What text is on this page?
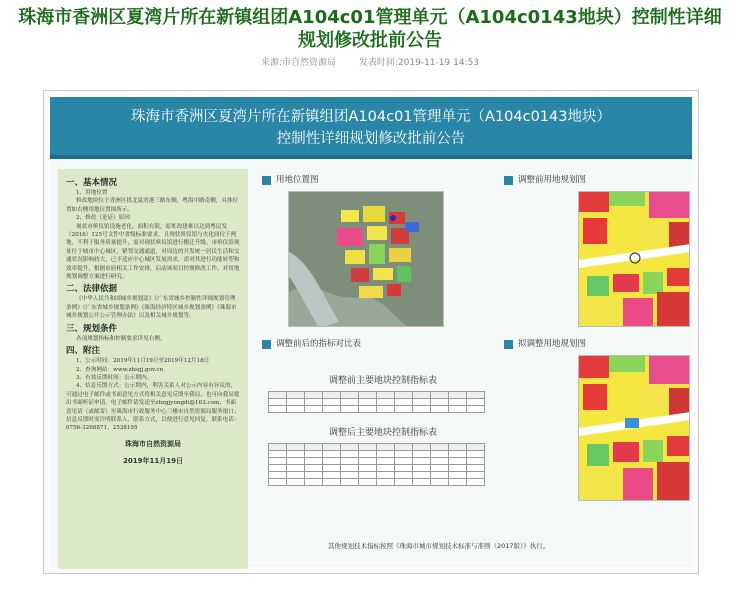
珠海市香洲区夏湾片所在新镇组团A104c01管理单元（A104c0143地块）控制性详细规划修改批前公告
来源:市自然资源局	发表时间:2019-11-19 14:53
珠海市香洲区夏湾片所在新镇组团A104c01管理单元（A104c0143地块）
控制性详细规划修改批前公告
一、基本情况
1、用地位置
修改地块位于香洲区拱北夏湾港三路东侧，粤海中路南侧，具体位置如右侧用地位置图所示。
2、修改（论证）原因
现状市殡仪馆设施老化，面积有限，原址改建难以达到粤民发（2016）125号文件中省级标准要求，且现状殡仪馆与火化间位于两地，不利于服务质量提升，需对现状殡仪馆进行搬迁升级。市殡仪馆现址位于城市中心城区，紧邻交通通道，对周边的开发统一居民生活和交通状况影响较大，已不适应中心城区发展需求，需对其进行功能转型和效率提升，根据市府相关工作安排，启动该项目控规修改工作，对用地规划调整方案进行研究。
二、法律依据
《中华人民共和国城乡规划法》《广东省城乡控制性详细规划管理条例》《广东省城乡规划条例》《珠海经济特区城乡规划条例》《珠海市城乡规划公开公示管理办法》以及相关城乡规划等。
三、规划条件
各项规划指标和控制要求详见右侧。
四、附注
1、公示时间：2019年11月19日至2019年12月18日
2、查询网站：www.zhsgj.gov.cn
3、有效反馈时间：公示期内。
4、信息反馈方式：公示期内，利害关系人对公示内容有异议的，可通过电子邮件或书面意见方式将相关意见反馈至我局，也可向我局提出书面听证申请。电子邮件请发送至zhzgjyongdi@163.com，书面意见请（或邮寄）至珠海市行政服务中心三楼市自然资源局服务窗口；信息反馈时需注明联系人、联系方式，以便进行意见回复。联系电话：0756-3268871、2538195
珠海市自然资源局
2019年11月19日
用地位置图	调整前用地规划图
调整前后的指标对比表	拟调整用地规划图
调整前主要地块控制指标表

调整后主要地块控制指标表

其他规划技术指标按照《珠海市城市规划技术标准与准则（2017版）》执行。
